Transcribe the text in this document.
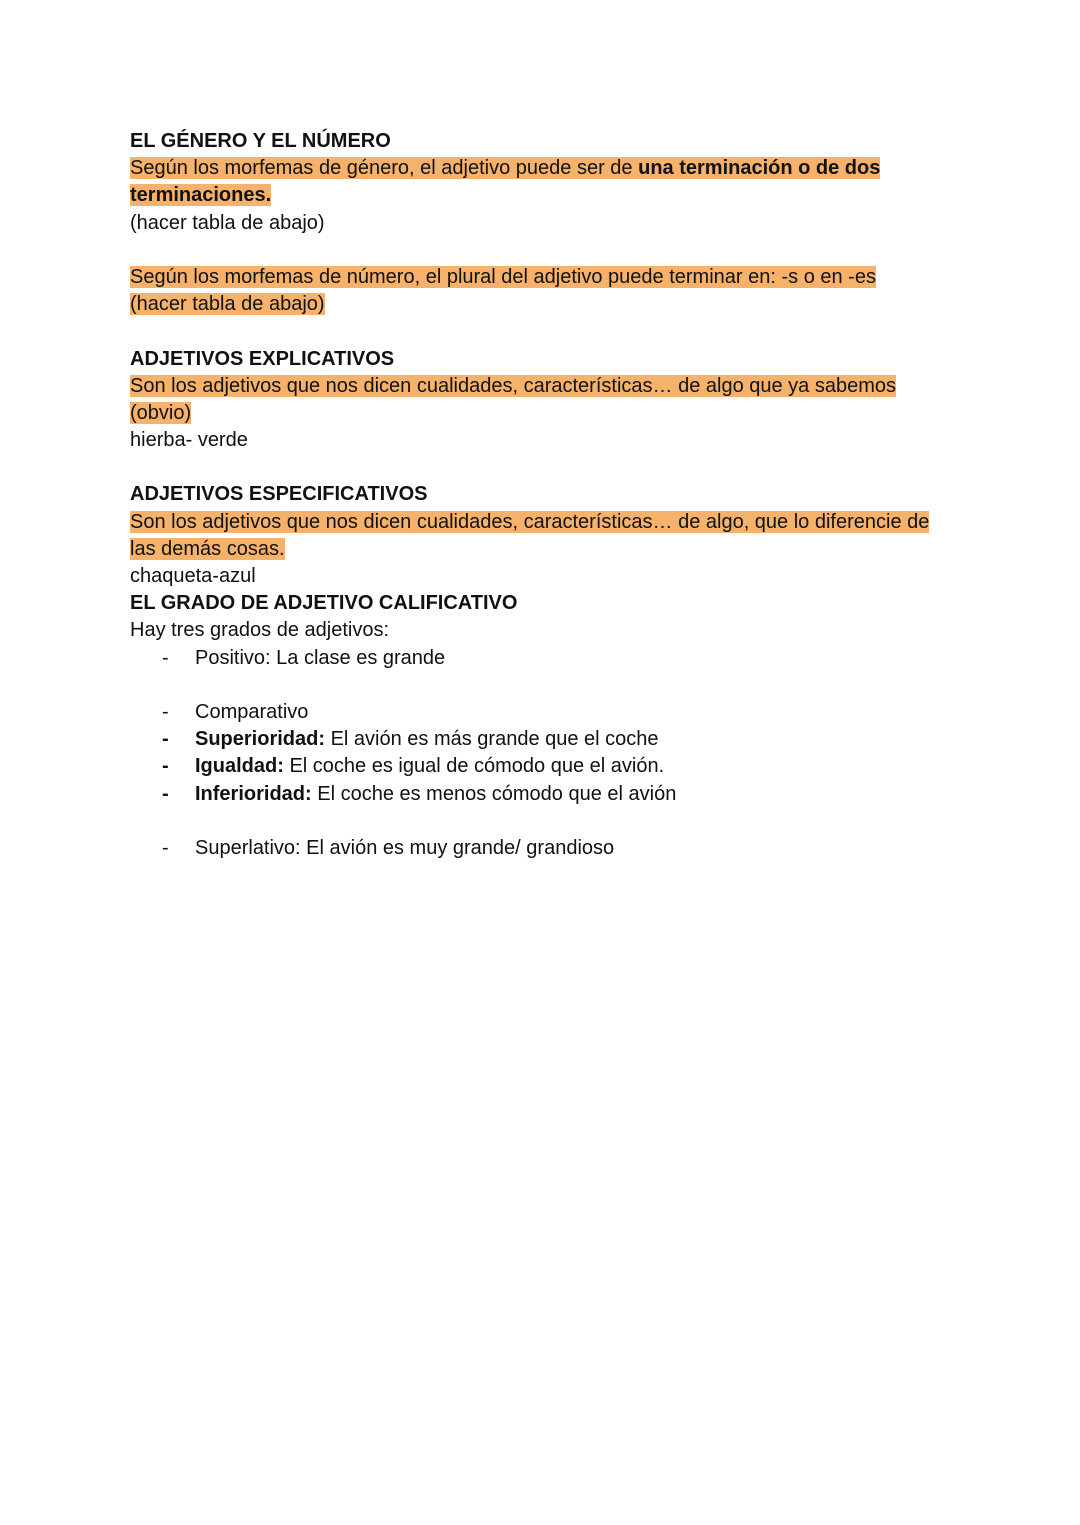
EL GÉNERO Y EL NÚMERO
Según los morfemas de género, el adjetivo puede ser de una terminación o de dos
terminaciones.
(hacer tabla de abajo)
Según los morfemas de número, el plural del adjetivo puede terminar en: -s o en -es
(hacer tabla de abajo)
ADJETIVOS EXPLICATIVOS
Son los adjetivos que nos dicen cualidades, características… de algo que ya sabemos
(obvio)
hierba- verde
ADJETIVOS ESPECIFICATIVOS
Son los adjetivos que nos dicen cualidades, características… de algo, que lo diferencie de
las demás cosas.
chaqueta-azul
EL GRADO DE ADJETIVO CALIFICATIVO
Hay tres grados de adjetivos:
- Positivo: La clase es grande
- Comparativo
- Superioridad: El avión es más grande que el coche
- Igualdad: El coche es igual de cómodo que el avión.
- Inferioridad: El coche es menos cómodo que el avión
- Superlativo: El avión es muy grande/ grandioso
